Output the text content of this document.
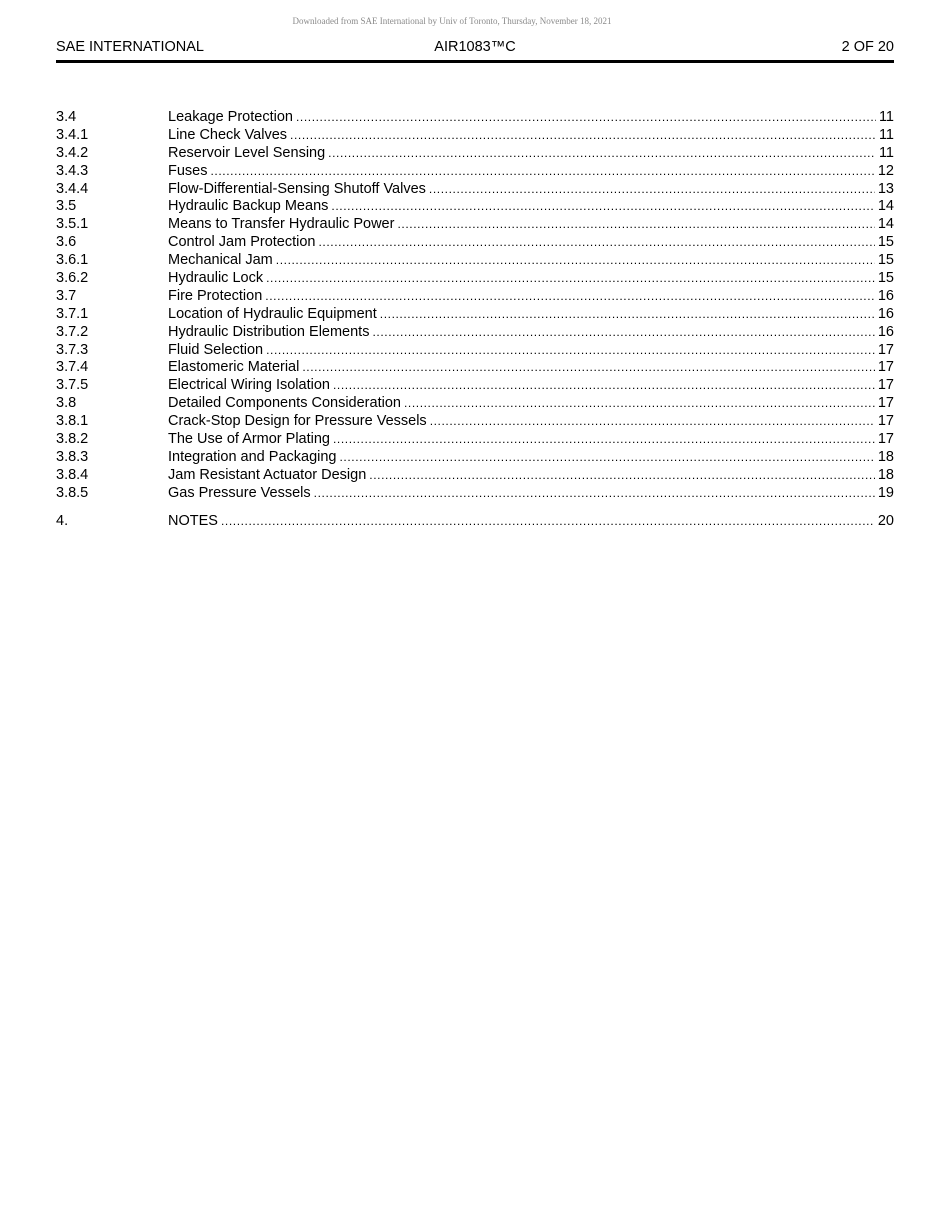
Downloaded from SAE International by Univ of Toronto, Thursday, November 18, 2021
SAE INTERNATIONAL	AIR1083™C	2 OF 20
3.4	Leakage Protection .....	11
3.4.1	Line Check Valves .....	11
3.4.2	Reservoir Level Sensing .....	11
3.4.3	Fuses .....	12
3.4.4	Flow-Differential-Sensing Shutoff Valves .....	13
3.5	Hydraulic Backup Means .....	14
3.5.1	Means to Transfer Hydraulic Power .....	14
3.6	Control Jam Protection .....	15
3.6.1	Mechanical Jam .....	15
3.6.2	Hydraulic Lock .....	15
3.7	Fire Protection .....	16
3.7.1	Location of Hydraulic Equipment .....	16
3.7.2	Hydraulic Distribution Elements .....	16
3.7.3	Fluid Selection .....	17
3.7.4	Elastomeric Material .....	17
3.7.5	Electrical Wiring Isolation .....	17
3.8	Detailed Components Consideration .....	17
3.8.1	Crack-Stop Design for Pressure Vessels .....	17
3.8.2	The Use of Armor Plating .....	17
3.8.3	Integration and Packaging .....	18
3.8.4	Jam Resistant Actuator Design .....	18
3.8.5	Gas Pressure Vessels .....	19
4.	NOTES .....	20
